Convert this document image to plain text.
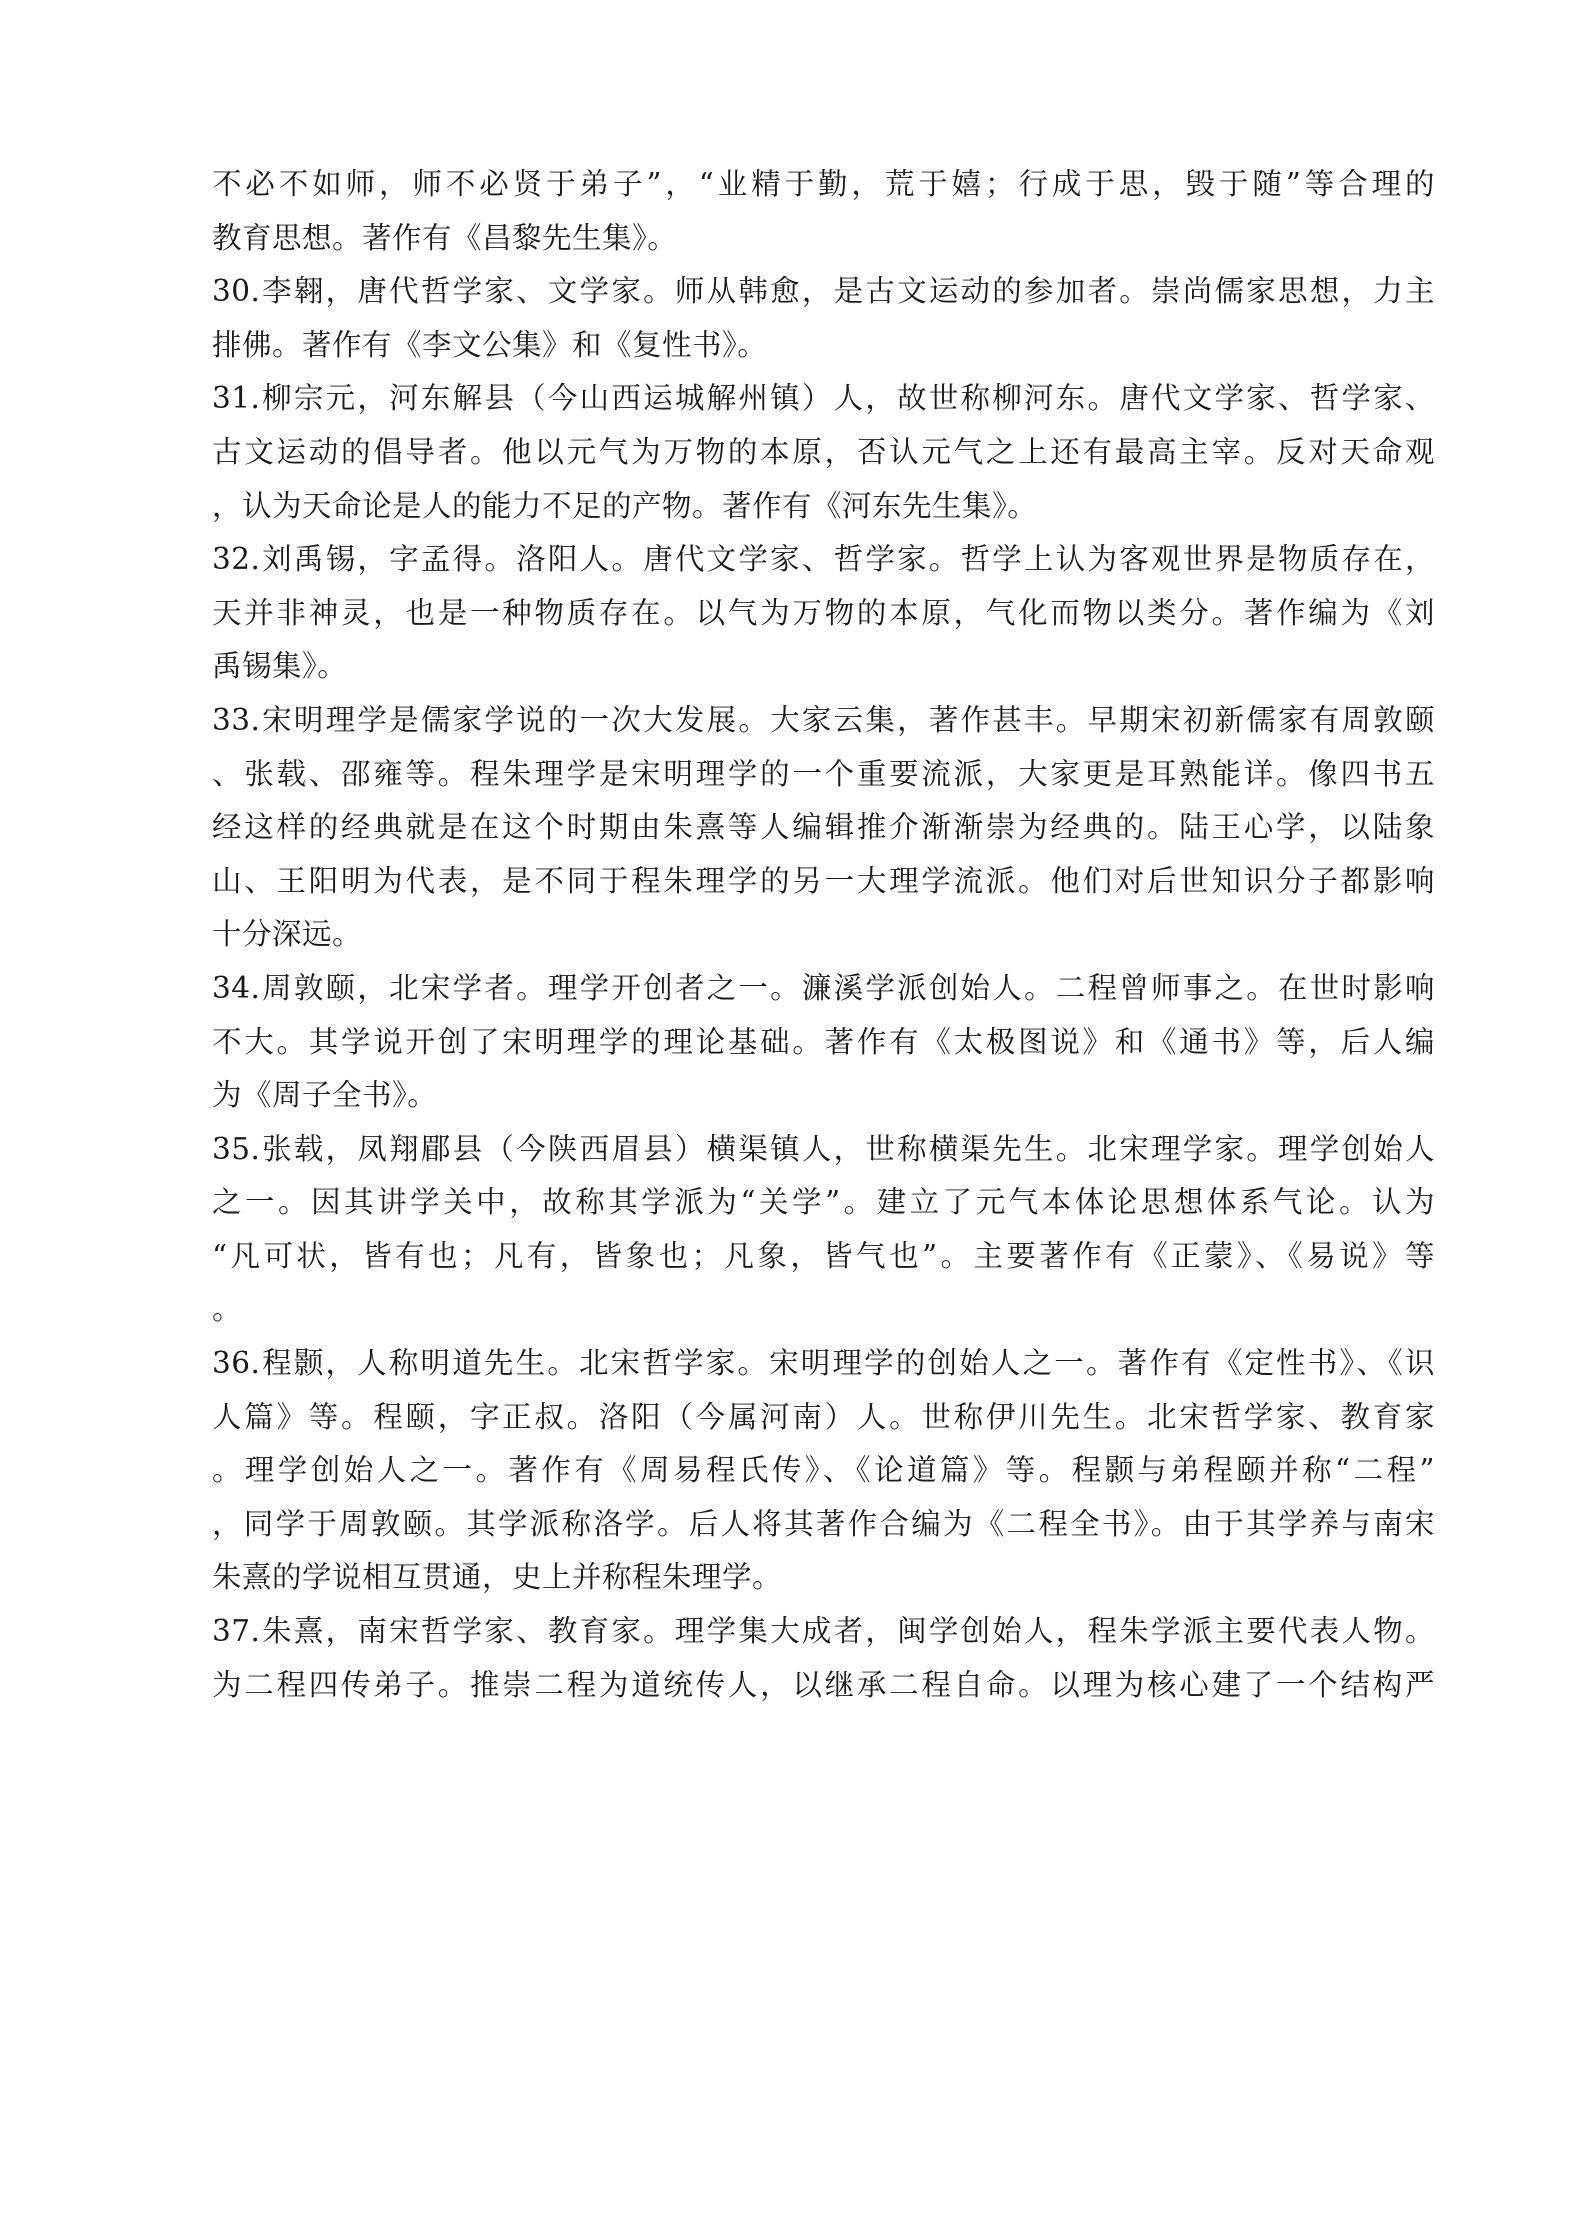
不必不如师，师不必贤于弟子”，“业精于勤，荒于嬉；行成于思，毁于随”等合理的
教育思想。著作有《昌黎先生集》。
30.李翱，唐代哲学家、文学家。师从韩愈，是古文运动的参加者。崇尚儒家思想，力主
排佛。著作有《李文公集》和《复性书》。
31.柳宗元，河东解县（今山西运城解州镇）人，故世称柳河东。唐代文学家、哲学家、
古文运动的倡导者。他以元气为万物的本原，否认元气之上还有最高主宰。反对天命观
，认为天命论是人的能力不足的产物。著作有《河东先生集》。
32.刘禹锡，字孟得。洛阳人。唐代文学家、哲学家。哲学上认为客观世界是物质存在，
天并非神灵，也是一种物质存在。以气为万物的本原，气化而物以类分。著作编为《刘
禹锡集》。
33.宋明理学是儒家学说的一次大发展。大家云集，著作甚丰。早期宋初新儒家有周敦颐
、张载、邵雍等。程朱理学是宋明理学的一个重要流派，大家更是耳熟能详。像四书五
经这样的经典就是在这个时期由朱熹等人编辑推介渐渐崇为经典的。陆王心学，以陆象
山、王阳明为代表，是不同于程朱理学的另一大理学流派。他们对后世知识分子都影响
十分深远。
34.周敦颐，北宋学者。理学开创者之一。濂溪学派创始人。二程曾师事之。在世时影响
不大。其学说开创了宋明理学的理论基础。著作有《太极图说》和《通书》等，后人编
为《周子全书》。
35.张载，凤翔郿县（今陕西眉县）横渠镇人，世称横渠先生。北宋理学家。理学创始人
之一。因其讲学关中，故称其学派为“关学”。建立了元气本体论思想体系气论。认为
“凡可状，皆有也；凡有，皆象也；凡象，皆气也”。主要著作有《正蒙》、《易说》等
。
36.程颢，人称明道先生。北宋哲学家。宋明理学的创始人之一。著作有《定性书》、《识
人篇》等。程颐，字正叔。洛阳（今属河南）人。世称伊川先生。北宋哲学家、教育家
。理学创始人之一。著作有《周易程氏传》、《论道篇》等。程颢与弟程颐并称“二程”
，同学于周敦颐。其学派称洛学。后人将其著作合编为《二程全书》。由于其学养与南宋
朱熹的学说相互贯通，史上并称程朱理学。
37.朱熹，南宋哲学家、教育家。理学集大成者，闽学创始人，程朱学派主要代表人物。
为二程四传弟子。推崇二程为道统传人，以继承二程自命。以理为核心建了一个结构严
